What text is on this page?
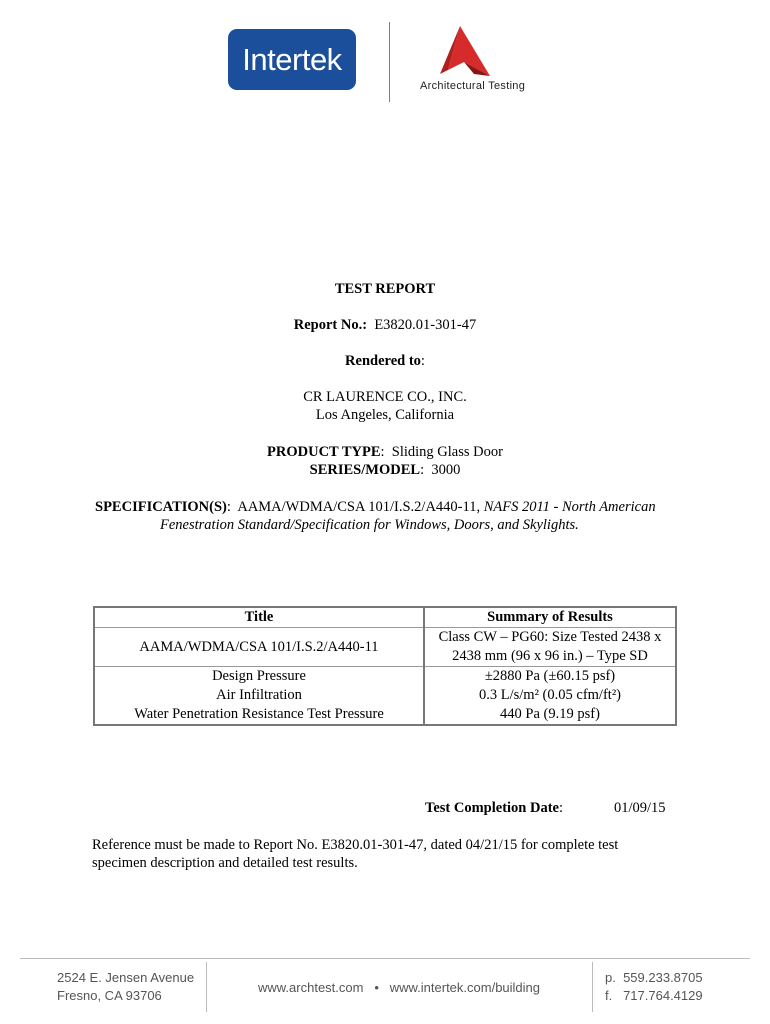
Intertek
Architectural Testing
TEST REPORT
Report No.: E3820.01-301-47
Rendered to:
CR LAURENCE CO., INC.
Los Angeles, California
PRODUCT TYPE:  Sliding Glass Door
SERIES/MODEL:  3000
SPECIFICATION(S):  AAMA/WDMA/CSA 101/I.S.2/A440-11, NAFS 2011 - North American
Fenestration Standard/Specification for Windows, Doors, and Skylights.
Title	Summary of Results
AAMA/WDMA/CSA 101/I.S.2/A440-11	Class CW – PG60: Size Tested 2438 x
2438 mm (96 x 96 in.) – Type SD

Design Pressure	±2880 Pa (±60.15 psf)
Air Infiltration	0.3 L/s/m² (0.05 cfm/ft²)
Water Penetration Resistance Test Pressure	440 Pa (9.19 psf)
Test Completion Date:	01/09/15
Reference must be made to Report No. E3820.01-301-47, dated 04/21/15 for complete test
specimen description and detailed test results.
2524 E. Jensen Avenue
Fresno, CA 93706
www.archtest.com   •   www.intertek.com/building
p. 559.233.8705
f. 717.764.4129
